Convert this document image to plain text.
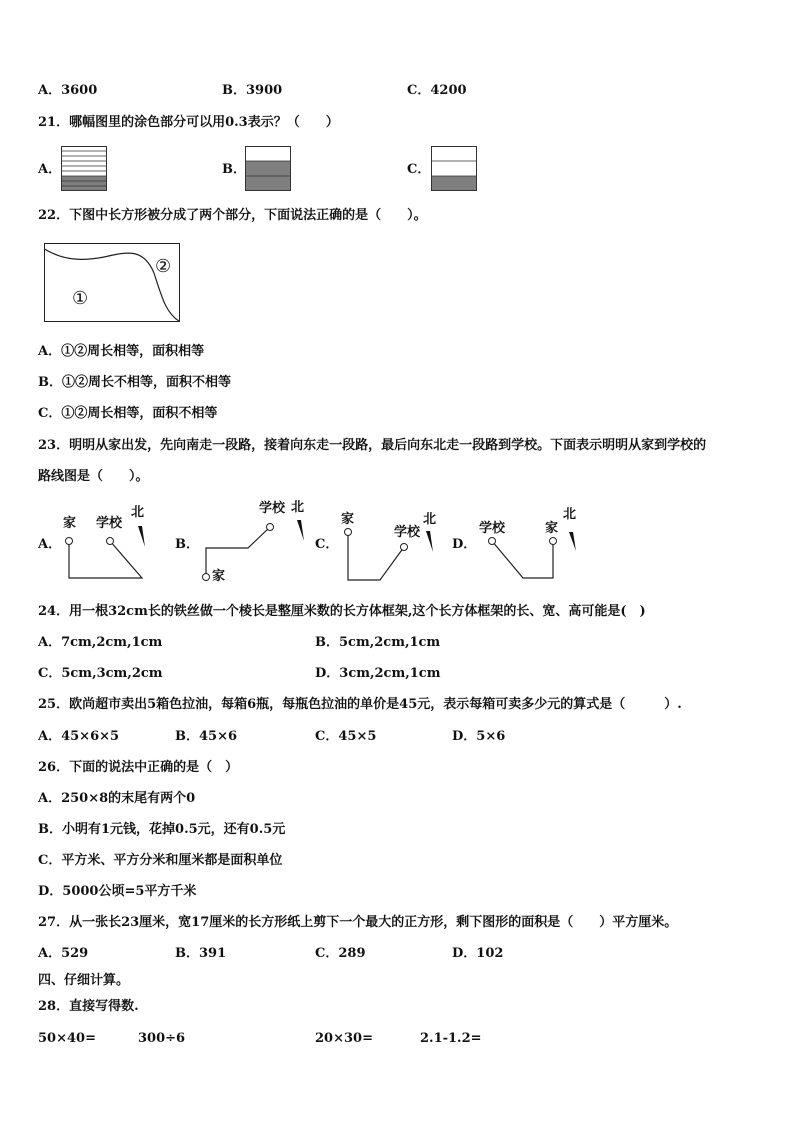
A．3600	B．3900	C．4200
21．哪幅图里的涂色部分可以用0.3表示？（　　）
A．	B．	C．
22．下图中长方形被分成了两个部分，下面说法正确的是（　　）。
①
②
A．①②周长相等，面积相等
B．①②周长不相等，面积不相等
C．①②周长相等，面积不相等
23．明明从家出发，先向南走一段路，接着向东走一段路，最后向东北走一段路到学校。下面表示明明从家到学校的
路线图是（　　）。
A．	B．	C．	D．
家 学校
北
家
学校 北
家
学校
北
学校	家
北
24．用一根32cm长的铁丝做一个棱长是整厘米数的长方体框架,这个长方体框架的长、宽、高可能是(　)
A．7cm,2cm,1cm	B．5cm,2cm,1cm
C．5cm,3cm,2cm	D．3cm,2cm,1cm
25．欧尚超市卖出5箱色拉油，每箱6瓶，每瓶色拉油的单价是45元，表示每箱可卖多少元的算式是（　　　）.
A．45×6×5	B．45×6	C．45×5	D．5×6
26．下面的说法中正确的是（　）
A．250×8的末尾有两个0
B．小明有1元钱，花掉0.5元，还有0.5元
C．平方米、平方分米和厘米都是面积单位
D．5000公顷=5平方千米
27．从一张长23厘米，宽17厘米的长方形纸上剪下一个最大的正方形，剩下图形的面积是（　　）平方厘米。
A．529	B．391	C．289	D．102
四、仔细计算。
28．直接写得数.
50×40=	300÷6	20×30=	2.1-1.2=
